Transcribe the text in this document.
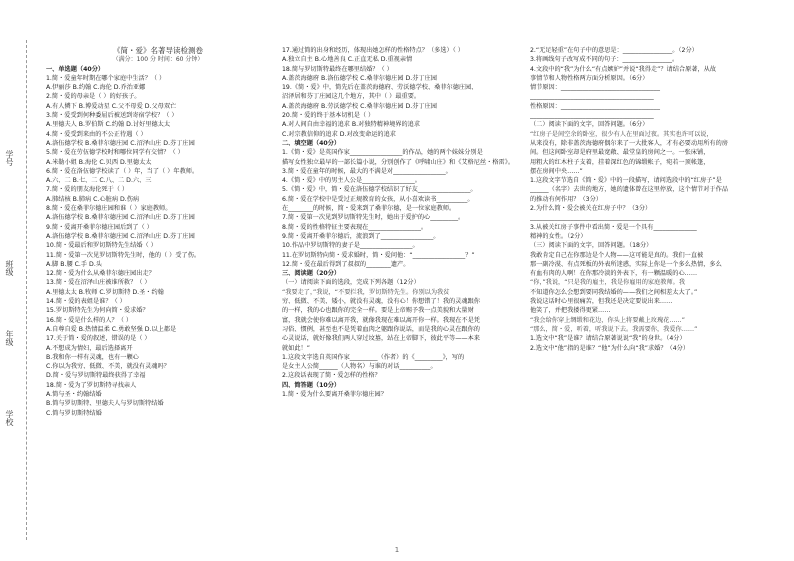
学号
班级
年级
学校
《简・爱》名著导读检测卷
（满分：100 分 时间：60 分钟）
一、单选题（40分）
1.简・爱童年时期在哪个家庭中生活？（ ）
A.伊丽莎 B.约翰 C.海伦 D.乔治亚娜
2.简・爱的母亲是（ ）的好孩子。
A.有人憐下 B.博爱动星 C.父不母爱 D.父母双亡
3.简・爱受到何种委屈后被送到寄宿学校？（ ）
A.里德夫人 B.罗伯斯 C.约翰 D.讨好里德太太
4.简・爱受到来由的不公正待遇（ ）
A.洛伍德学校 B.桑菲尔德庄园 C.沼泽山庄 D.芬丁庄园
5.简・爱在劳伍德学校时和哪位同学有交情？（ ）
A.米勒小姐 B.海伦 C.贝西 D.里德太太
6.简・爱在洛伍德学校读了（ ）年，当了（ ）年教师。
A.六、二 B.七、二 C.八、二 D.六、三
7.简・爱的朋友海伦死于（ ）
A.肺结核 B.肺病 C.心脏病 D.伤病
8.简・爱在桑菲尔德庄园和谁（ ）家庭教师。
A.洛伍德学校 B.桑菲尔德庄园 C.沼泽山庄 D.芬丁庄园
9.简・爱离开桑菲尔德庄园后到了（ ）
A.洛伍德学校 B.桑菲尔德庄园 C.沼泽山庄 D.芬丁庄园
10.简・爱最后和罗切斯特先生结婚（ ）
11.简・爱第一次见罗切斯特先生时，他的（ ）受了伤。
A.脚 B.腰 C.手 D.头
12.简・爱为什么从桑菲尔德庄园出走？
13.简・爱在沼泽山庄被谁所救？（ ）
A.里德太太 B.牧师 C.罗切斯特 D.圣・约翰
14.简・爱的表姐是谁？（ ）
15.罗切斯特先生为何向简・爱求婚？
16.简・爱是什么样的人？（ ）
A.自尊自爱 B.热情温柔 C.勇敢坚强 D.以上都是
17.关于简・爱的叙述，错误的是（ ）
A.不想成为情妇，最后选择离开
B.我和你一样有灵魂，也有一颗心
C.你以为我穷、低微、不美，就没有灵魂吗？
D.简・爱与罗切斯特最终获得了幸福
18.简・爱为了罗切斯特寻找亲人
A.简与圣・约翰结婚
B.简与罗切斯特、里德夫人与罗切斯特结婚
C.简与罗切斯特结婚
17.通过简的出身和经历，体现出她怎样的性格特点？（多选）（ ）
A.独立自主 B.心地善良 C.正直无私 D.重视亲情
18.简与罗切斯特最终在哪里结婚？（ ）
A.盖茨海德府 B.洛伍德学校 C.桑菲尔德庄园 D.芬丁庄园
19.《简・爱》中，简先后在盖茨海德府、劳沃德学校、桑菲尔德庄园、
沼泽居和芬丁庄园这几个地方，其中（ ）最重要。
A.盖茨海德府 B.劳沃德学校 C.桑菲尔德庄园 D.芬丁庄园
20.简・爱的终于基本切机是（ ）
A.对人间自由幸福的追求 B.对独特精神境界的追求
C.对宗教信仰的追求 D.对改变命运的追求
二、填空题（40分）
1.《简・爱》是英国作家_________________的作品，她的两个妹妹分别是
描写女性独立最早的一部长篇小说，分别创作了《呼啸山庄》和《艾格尼丝・格雷》。
3.简・爱在童年的时候，最大的不满是对_________________。
4.《简・爱》中的男主人公是_________________。
5.《简・爱》中，简・爱在洛伍德学校结识了好友_________________。
6.简・爱在学校中是受过正规教育的女孩，从小喜欢读书__________。
在________的时候，简・爱来到了桑菲尔德，是一位家庭教师。
7.简・爱第一次见到罗切斯特先生时，她出于爱护的心_________。
8.简・爱的性格特征主要表现在_________________。
9.简・爱离开桑菲尔德后，流浪到了_________________。
10.作品中罗切斯特的妻子是_________________。
11.在罗切斯特向简・爱求婚时，简・爱问他：“_________________？”
12.简・爱在最后得到了叔叔的________遗产。
三、阅读题（20分）
（一）请阅读下面的选段，完成下列各题（12分）
“我要走了，”我说，“不要拦我，罗切斯特先生。你别以为我贫
穷、低微、不美、矮小，就没有灵魂，没有心！你想错了！我的灵魂跟你
的一样，我的心也跟你的完全一样。要是上帝赐予我一点美貌和大量财
富，我就会使你难以离开我，就像我现在难以离开你一样。我现在不是凭
习俗、惯例，甚至也不是凭着血肉之躯跟你说话，而是我的心灵在跟你的
心灵说话，就好像我们两人穿过坟墓，站在上帝脚下，彼此平等——本来
就如此！”
1.这段文字选自英国作家_________（作者）的《_________》，写的
是女主人公简______（人物名）与谁的对话__________。
2.这段话表现了简・爱怎样的性格？
四、简答题（10分）
1.简・爱为什么要离开桑菲尔德庄园？
2.“无足轻重”在句子中的意思是：________________。（2分）
3.将画线句子改写成不同的句子：________________。
4.文段中的“我”为什么“有点嫉妒”并说“我得走”？请结合原著，从故
事情节和人物性格两方面分析原因。（6分）
情节原因：________________________________
________________________________________
性格原因：________________________________
________________________________________
（二）阅读下面的文字，回答问题。（6分）
“红房子是间空余的卧室，很少有人在里面过夜。其实也许可以说，
从来没有，除非盖茨海德府偶尔来了一大批客人，才有必要动用所有的房
间。但这间卧室却是府里最宽敞、最堂皇的房间之一。一张床铺，
用粗大的红木柱子支着，挂着深红色的锦缎帐子，宛若一顶帐篷，
摆在房间中央……”
1.这段文字节选自《简・爱》中的一段描写，请问选段中的“红房子”是
______（名字）去世的地方，她的遗体曾在这里停放，这个情节对于作品
的推动有何作用？（3分）
2.为什么简・爱会被关在红房子中？（3分）
________________________________________
3.从被关红房子事件中看出简・爱是一个具有______________
精神的女性。（2分）
（三）阅读下面的文字，回答问题。（18分）
我敢肯定自己在你那边是个人物——这可能是真的。我们一直被
那一副冷漠、有点死板的外表所迷惑，实际上你是一个多么热情，多么
有血有肉的人啊！在你那冷淡的外表下，有一颗温暖的心……
“你，”我说，“只是我的雇主，我是你雇用的家庭教师。我
不知道你怎么会想到要同我结婚的——我们之间相差太大了。”
我说这话时心里很痛苦，但我还是决定要说出来……
他笑了，并把我搂得更紧……
“我会给你穿上绸缎和花边，你头上将要戴上玫瑰花……”
“那么，简・爱，听着，听我说下去。我需要你，我爱你……”
1.选文中“我”是谁？请结合原著说说“我”的身世。（4分）
2.选文中“他”指的是谁？“他”为什么向“我”求婚？（4分）
1
